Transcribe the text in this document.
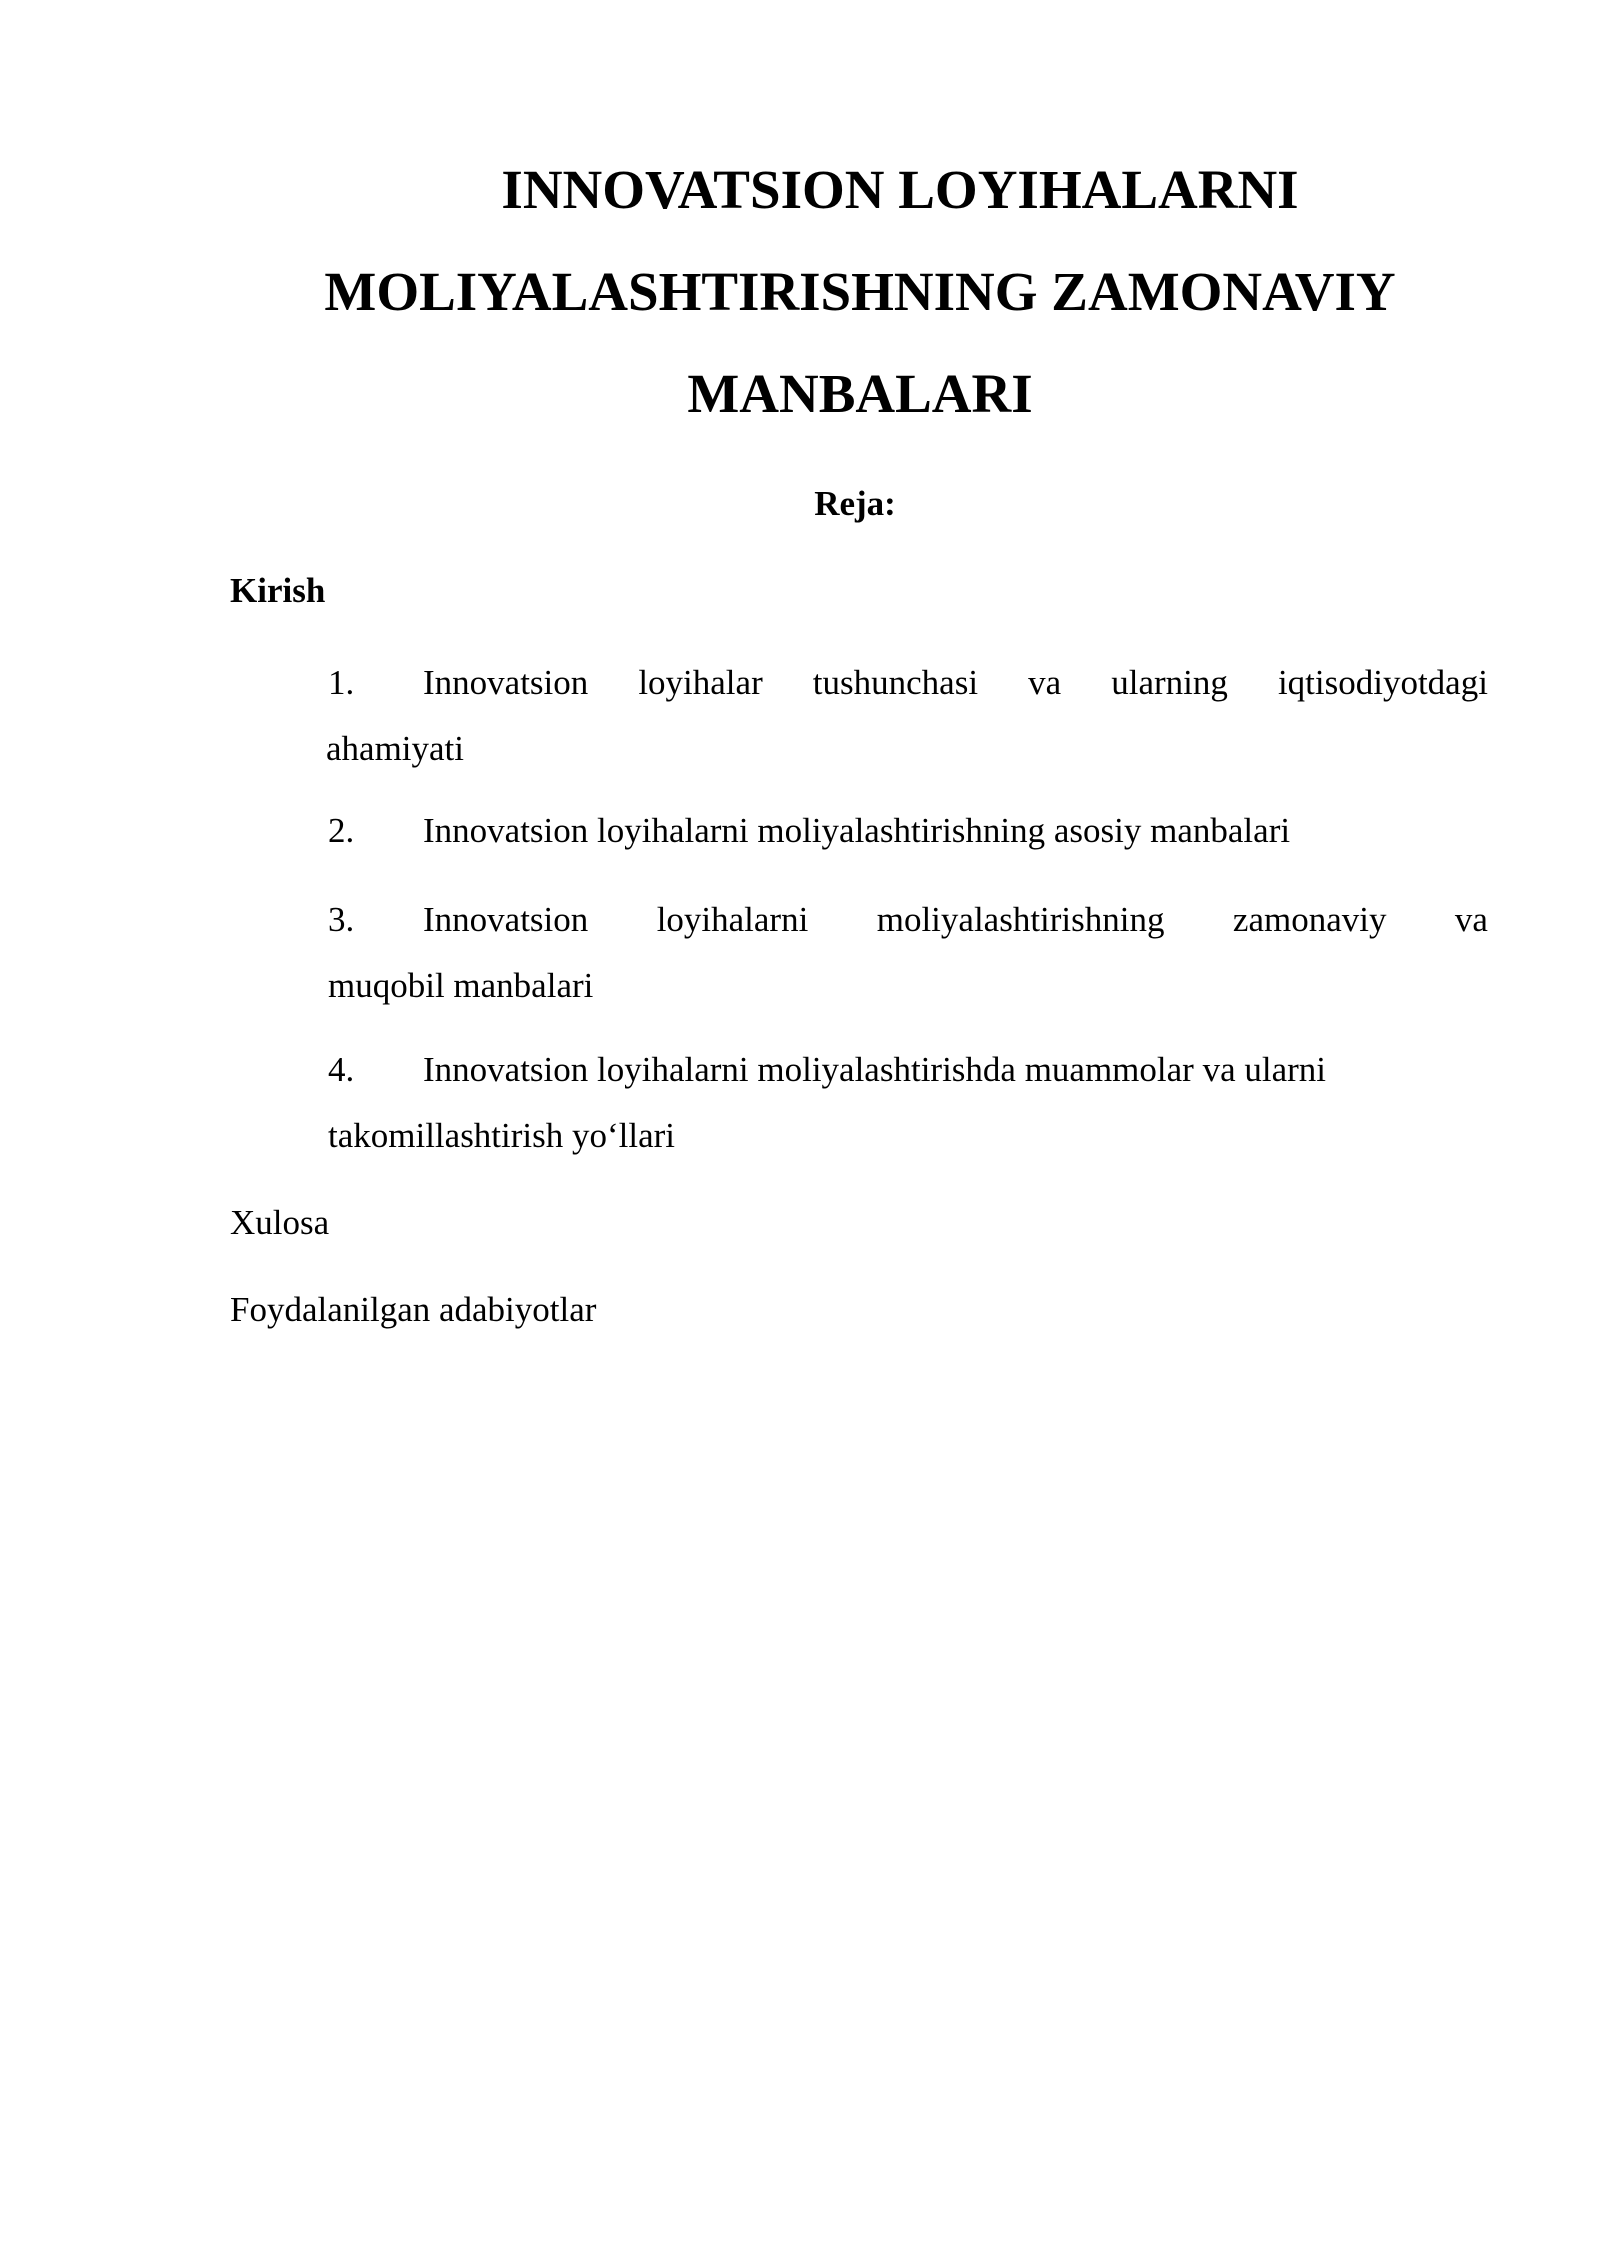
INNOVATSION LOYIHALARNI
MOLIYALASHTIRISHNING ZAMONAVIY
MANBALARI
Reja:
Kirish
1. Innovatsion loyihalar tushunchasi va ularning iqtisodiyotdagi
ahamiyati
2. Innovatsion loyihalarni moliyalashtirishning asosiy manbalari
3. Innovatsion loyihalarni moliyalashtirishning zamonaviy va
muqobil manbalari
4. Innovatsion loyihalarni moliyalashtirishda muammolar va ularni
takomillashtirish yo‘llari
Xulosa
Foydalanilgan adabiyotlar
